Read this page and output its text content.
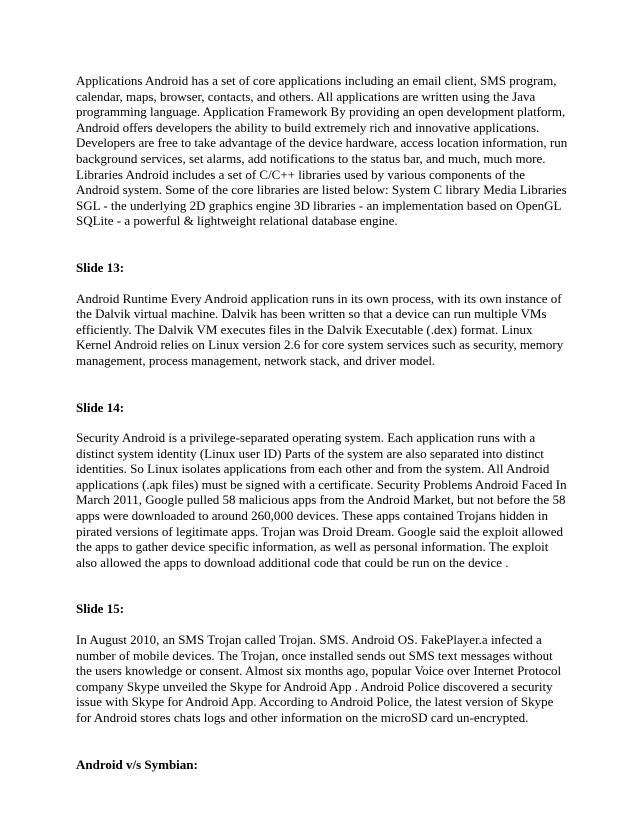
Applications Android has a set of core applications including an email client, SMS program, calendar, maps, browser, contacts, and others. All applications are written using the Java programming language. Application Framework By providing an open development platform, Android offers developers the ability to build extremely rich and innovative applications. Developers are free to take advantage of the device hardware, access location information, run background services, set alarms, add notifications to the status bar, and much, much more. Libraries Android includes a set of C/C++ libraries used by various components of the Android system. Some of the core libraries are listed below: System C library Media Libraries SGL - the underlying 2D graphics engine 3D libraries - an implementation based on OpenGL SQLite - a powerful & lightweight relational database engine.

Slide 13:

Android Runtime Every Android application runs in its own process, with its own instance of the Dalvik virtual machine. Dalvik has been written so that a device can run multiple VMs efficiently. The Dalvik VM executes files in the Dalvik Executable (.dex) format. Linux Kernel Android relies on Linux version 2.6 for core system services such as security, memory management, process management, network stack, and driver model.

Slide 14:

Security Android is a privilege-separated operating system. Each application runs with a distinct system identity (Linux user ID) Parts of the system are also separated into distinct identities. So Linux isolates applications from each other and from the system. All Android applications (.apk files) must be signed with a certificate. Security Problems Android Faced In March 2011, Google pulled 58 malicious apps from the Android Market, but not before the 58 apps were downloaded to around 260,000 devices. These apps contained Trojans hidden in pirated versions of legitimate apps. Trojan was Droid Dream. Google said the exploit allowed the apps to gather device specific information, as well as personal information. The exploit also allowed the apps to download additional code that could be run on the device .

Slide 15:

In August 2010, an SMS Trojan called Trojan. SMS. Android OS. FakePlayer.a infected a number of mobile devices. The Trojan, once installed sends out SMS text messages without the users knowledge or consent. Almost six months ago, popular Voice over Internet Protocol company Skype unveiled the Skype for Android App . Android Police discovered a security issue with Skype for Android App. According to Android Police, the latest version of Skype for Android stores chats logs and other information on the microSD card un-encrypted.

Android v/s Symbian:
